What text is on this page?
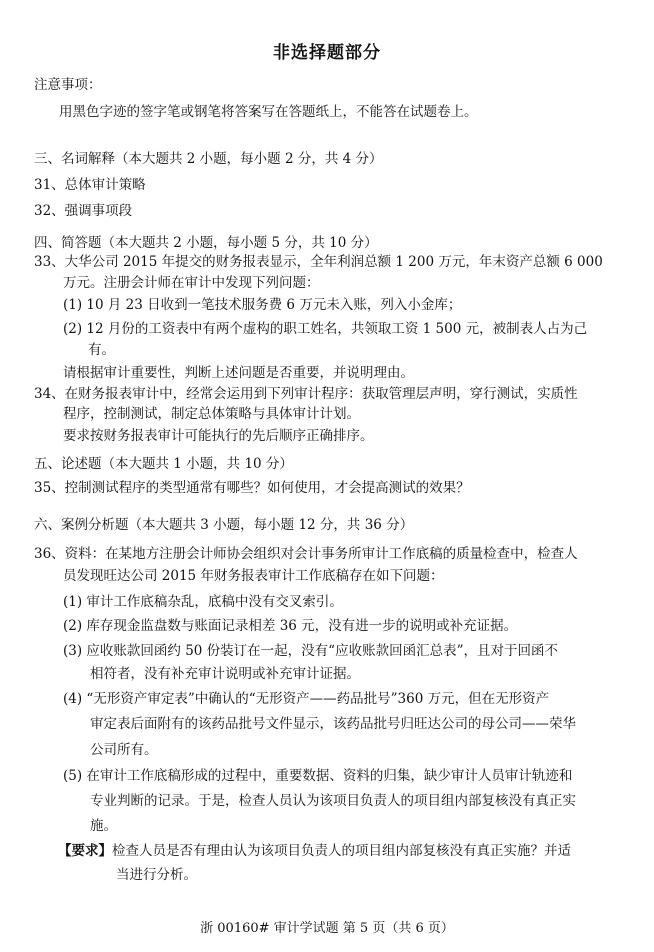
非选择题部分
注意事项：
用黑色字迹的签字笔或钢笔将答案写在答题纸上，不能答在试题卷上。
三、名词解释（本大题共 2 小题，每小题 2 分，共 4 分）
31、总体审计策略
32、强调事项段
四、简答题（本大题共 2 小题，每小题 5 分，共 10 分）
33、大华公司 2015 年提交的财务报表显示，全年利润总额 1 200 万元，年末资产总额 6 000
万元。注册会计师在审计中发现下列问题：
(1) 10 月 23 日收到一笔技术服务费 6 万元未入账，列入小金库；
(2) 12 月份的工资表中有两个虚构的职工姓名，共领取工资 1 500 元，被制表人占为己
有。
请根据审计重要性，判断上述问题是否重要，并说明理由。
34、在财务报表审计中，经常会运用到下列审计程序：获取管理层声明，穿行测试，实质性
程序，控制测试，制定总体策略与具体审计计划。
要求按财务报表审计可能执行的先后顺序正确排序。
五、论述题（本大题共 1 小题，共 10 分）
35、控制测试程序的类型通常有哪些？如何使用，才会提高测试的效果？
六、案例分析题（本大题共 3 小题，每小题 12 分，共 36 分）
36、资料：在某地方注册会计师协会组织对会计事务所审计工作底稿的质量检查中，检查人
员发现旺达公司 2015 年财务报表审计工作底稿存在如下问题：
(1) 审计工作底稿杂乱，底稿中没有交叉索引。
(2) 库存现金监盘数与账面记录相差 36 元，没有进一步的说明或补充证据。
(3) 应收账款回函约 50 份装订在一起，没有“应收账款回函汇总表”，且对于回函不
相符者，没有补充审计说明或补充审计证据。
(4) “无形资产审定表”中确认的“无形资产——药品批号”360 万元，但在无形资产
审定表后面附有的该药品批号文件显示，该药品批号归旺达公司的母公司——荣华
公司所有。
(5) 在审计工作底稿形成的过程中，重要数据、资料的归集，缺少审计人员审计轨迹和
专业判断的记录。于是，检查人员认为该项目负责人的项目组内部复核没有真正实
施。
【要求】检查人员是否有理由认为该项目负责人的项目组内部复核没有真正实施？并适
当进行分析。
浙 00160# 审计学试题 第 5 页（共 6 页）
